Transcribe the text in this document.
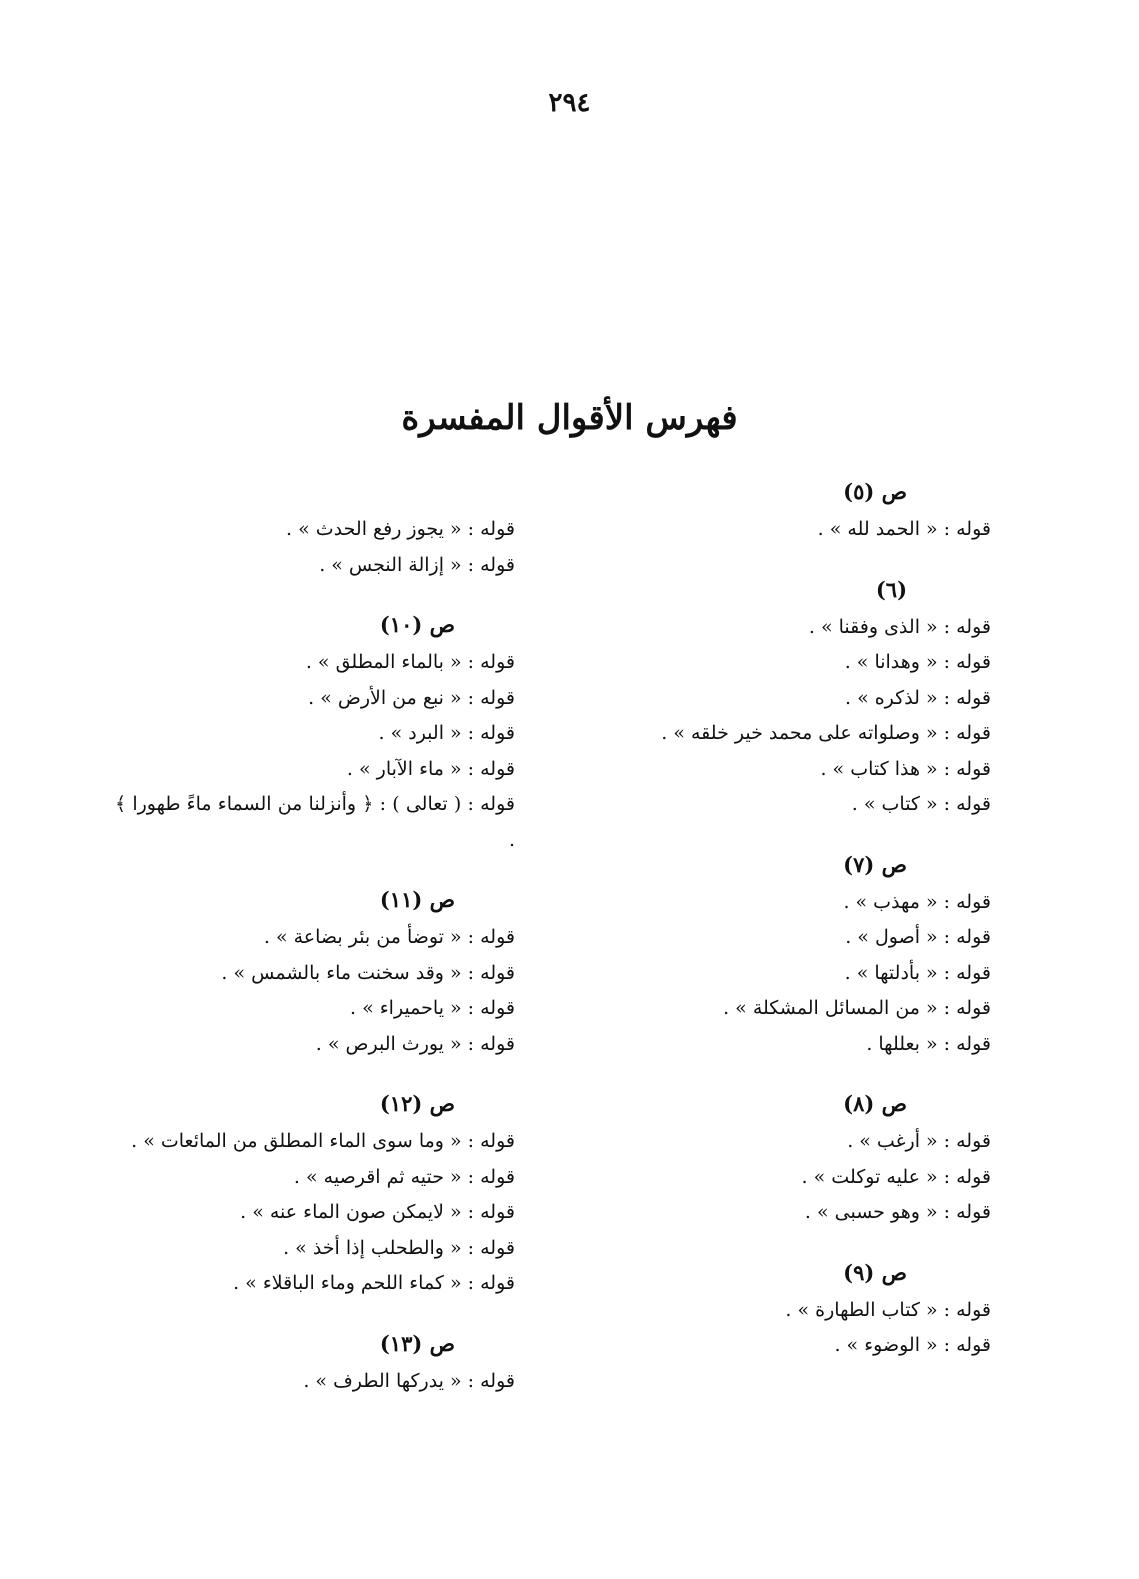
٢٩٤
فهرس الأقوال المفسرة
ص (٥)
قوله : « الحمد لله » .
(٦)
قوله : « الذى وفقنا » .
قوله : « وهدانا » .
قوله : « لذكره » .
قوله : « وصلواته على محمد خير خلقه » .
قوله : « هذا كتاب » .
قوله : « كتاب » .
ص (٧)
قوله : « مهذب » .
قوله : « أصول » .
قوله : « بأدلتها » .
قوله : « من المسائل المشكلة » .
قوله : « بعللها .
ص (٨)
قوله : « أرغب » .
قوله : « عليه توكلت » .
قوله : « وهو حسبى » .
ص (٩)
قوله : « كتاب الطهارة » .
قوله : « الوضوء » .
قوله : « يجوز رفع الحدث » .
قوله : « إزالة النجس » .
ص (١٠)
قوله : « بالماء المطلق » .
قوله : « نبع من الأرض » .
قوله : « البرد » .
قوله : « ماء الآبار » .
قوله : ( تعالى ) : ﴿ وأنزلنا من السماء ماءً طهورا ﴾ .
ص (١١)
قوله : « توضأ من بئر بضاعة » .
قوله : « وقد سخنت ماء بالشمس » .
قوله : « ياحميراء » .
قوله : « يورث البرص » .
ص (١٢)
قوله : « وما سوى الماء المطلق من المائعات » .
قوله : « حتيه ثم اقرصيه » .
قوله : « لايمكن صون الماء عنه » .
قوله : « والطحلب إذا أخذ » .
قوله : « كماء اللحم وماء الباقلاء » .
ص (١٣)
قوله : « يدركها الطرف » .
